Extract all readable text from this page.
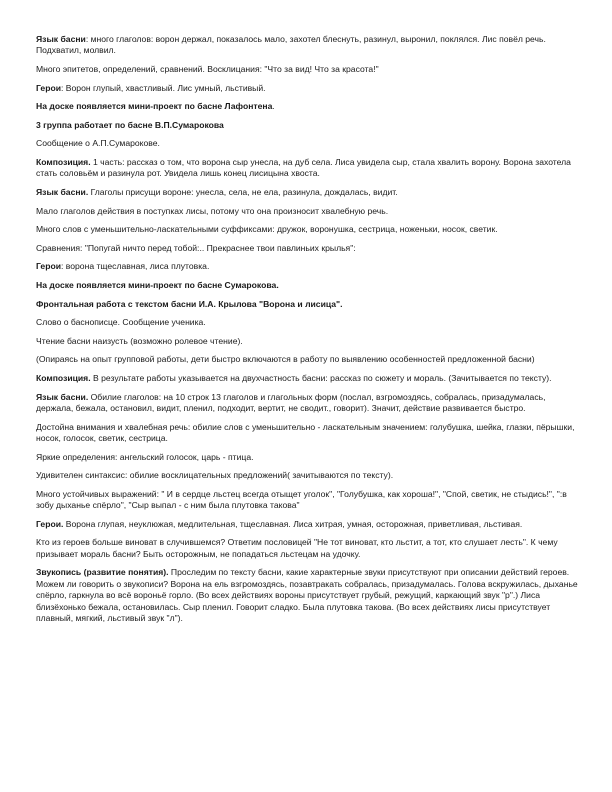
Язык басни: много глаголов: ворон держал, показалось мало, захотел блеснуть, разинул, выронил, поклялся. Лис повёл речь. Подхватил, молвил.

Много эпитетов, определений, сравнений. Восклицания: "Что за вид! Что за красота!"

Герои: Ворон глупый, хвастливый. Лис умный, льстивый.

На доске появляется мини-проект по басне Лафонтена.

3 группа работает по басне В.П.Сумарокова

Сообщение о А.П.Сумарокове.

Композиция. 1 часть: рассказ о том, что ворона сыр унесла, на дуб села. Лиса увидела сыр, стала хвалить ворону. Ворона захотела стать соловьём и разинула рот. Увидела лишь конец лисицына хвоста.

Язык басни. Глаголы присущи вороне: унесла, села, не ела, разинула, дождалась, видит.

Мало глаголов действия в поступках лисы, потому что она произносит хвалебную речь.

Много слов с уменьшительно-ласкательными суффиксами: дружок, воронушка, сестрица, ноженьки, носок, светик.

Сравнения: "Попугай ничто перед тобой:.. Прекраснее твои павлиньих крылья":

Герои: ворона тщеславная, лиса плутовка.

На доске появляется мини-проект по басне Сумарокова.

Фронтальная работа с текстом басни И.А. Крылова "Ворона и лисица".

Слово о баснописце. Сообщение ученика.

Чтение басни наизусть (возможно ролевое чтение).

(Опираясь на опыт групповой работы, дети быстро включаются в работу по выявлению особенностей предложенной басни)

Композиция. В результате работы указывается на двухчастность басни: рассказ по сюжету и мораль. (Зачитывается по тексту).

Язык басни. Обилие глаголов: на 10 строк 13 глаголов и глагольных форм (послал, взгромоздясь, собралась, призадумалась, держала, бежала, остановил, видит, пленил, подходит, вертит, не сводит., говорит). Значит, действие развивается быстро.

Достойна внимания и хвалебная речь: обилие слов с уменьшительно - ласкательным значением: голубушка, шейка, глазки, пёрышки, носок, голосок, светик, сестрица.

Яркие определения: ангельский голосок, царь - птица.

Удивителен синтаксис: обилие восклицательных предложений( зачитываются по тексту).

Много устойчивых выражений: " И в сердце льстец всегда отыщет уголок", "Голубушка, как хороша!", "Спой, светик, не стыдись!", ":в зобу дыханье спёрло", "Сыр выпал - с ним была плутовка такова"

Герои. Ворона глупая, неуклюжая, медлительная, тщеславная. Лиса хитрая, умная, осторожная, приветливая, льстивая.

Кто из героев больше виноват в случившемся? Ответим пословицей "Не тот виноват, кто льстит, а тот, кто слушает лесть". К чему призывает мораль басни? Быть осторожным, не попадаться льстецам на удочку.

Звукопись (развитие понятия). Проследим по тексту басни, какие характерные звуки присутствуют при описании действий героев. Можем ли говорить о звукописи? Ворона на ель взгромоздясь, позавтракать собралась, призадумалась. Голова вскружилась, дыханье спёрло, гаркнула во всё вороньё горло. (Во всех действиях вороны присутствует грубый, режущий, каркающий звук "р".) Лиса близёхонько бежала, остановилась. Сыр пленил. Говорит сладко. Была плутовка такова. (Во всех действиях лисы присутствует плавный, мягкий, льстивый звук "л").
